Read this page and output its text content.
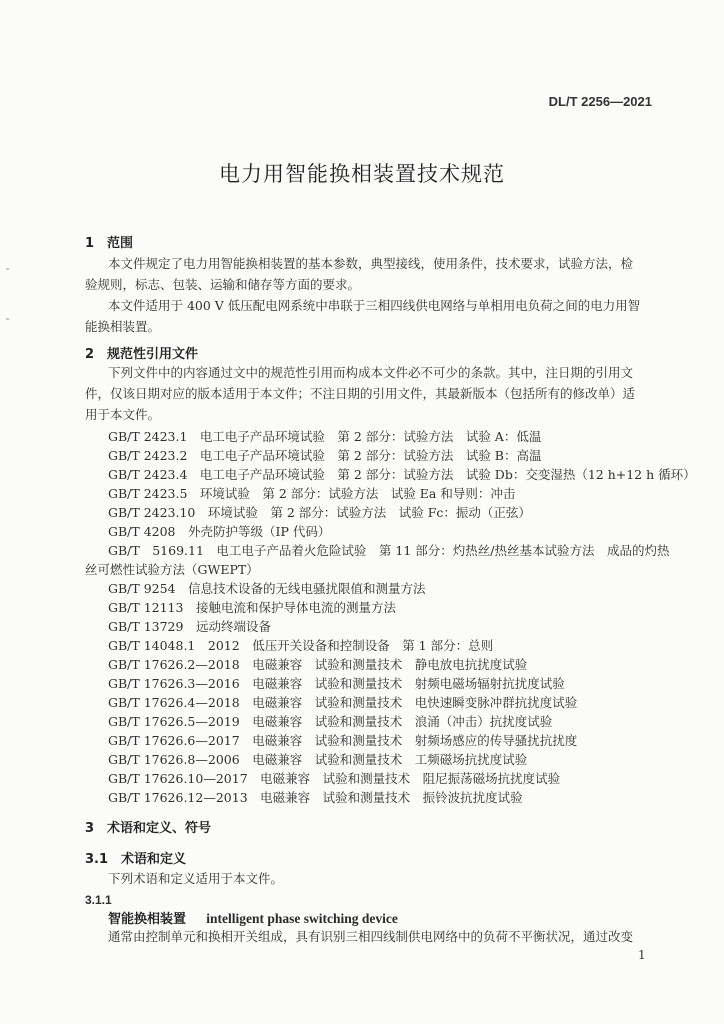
DL/T 2256—2021
电力用智能换相装置技术规范
1　范围
本文件规定了电力用智能换相装置的基本参数，典型接线，使用条件，技术要求，试验方法，检
验规则，标志、包装、运输和储存等方面的要求。
本文件适用于 400 V 低压配电网系统中串联于三相四线供电网络与单相用电负荷之间的电力用智
能换相装置。
2　规范性引用文件
下列文件中的内容通过文中的规范性引用而构成本文件必不可少的条款。其中，注日期的引用文
件，仅该日期对应的版本适用于本文件；不注日期的引用文件，其最新版本（包括所有的修改单）适
用于本文件。
GB/T 2423.1　电工电子产品环境试验　第 2 部分：试验方法　试验 A：低温
GB/T 2423.2　电工电子产品环境试验　第 2 部分：试验方法　试验 B：高温
GB/T 2423.4　电工电子产品环境试验　第 2 部分：试验方法　试验 Db：交变湿热（12 h+12 h 循环）
GB/T 2423.5　环境试验　第 2 部分：试验方法　试验 Ea 和导则：冲击
GB/T 2423.10　环境试验　第 2 部分：试验方法　试验 Fc：振动（正弦）
GB/T 4208　外壳防护等级（IP 代码）
GB/T　5169.11　电工电子产品着火危险试验　第 11 部分：灼热丝/热丝基本试验方法　成品的灼热
丝可燃性试验方法（GWEPT）
GB/T 9254　信息技术设备的无线电骚扰限值和测量方法
GB/T 12113　接触电流和保护导体电流的测量方法
GB/T 13729　远动终端设备
GB/T 14048.1　2012　低压开关设备和控制设备　第 1 部分：总则
GB/T 17626.2—2018　电磁兼容　试验和测量技术　静电放电抗扰度试验
GB/T 17626.3—2016　电磁兼容　试验和测量技术　射频电磁场辐射抗扰度试验
GB/T 17626.4—2018　电磁兼容　试验和测量技术　电快速瞬变脉冲群抗扰度试验
GB/T 17626.5—2019　电磁兼容　试验和测量技术　浪涌（冲击）抗扰度试验
GB/T 17626.6—2017　电磁兼容　试验和测量技术　射频场感应的传导骚扰抗扰度
GB/T 17626.8—2006　电磁兼容　试验和测量技术　工频磁场抗扰度试验
GB/T 17626.10—2017　电磁兼容　试验和测量技术　阻尼振荡磁场抗扰度试验
GB/T 17626.12—2013　电磁兼容　试验和测量技术　振铃波抗扰度试验
3　术语和定义、符号
3.1　术语和定义
下列术语和定义适用于本文件。
3.1.1
智能换相装置 intelligent phase switching device
通常由控制单元和换相开关组成，具有识别三相四线制供电网络中的负荷不平衡状况，通过改变
1
